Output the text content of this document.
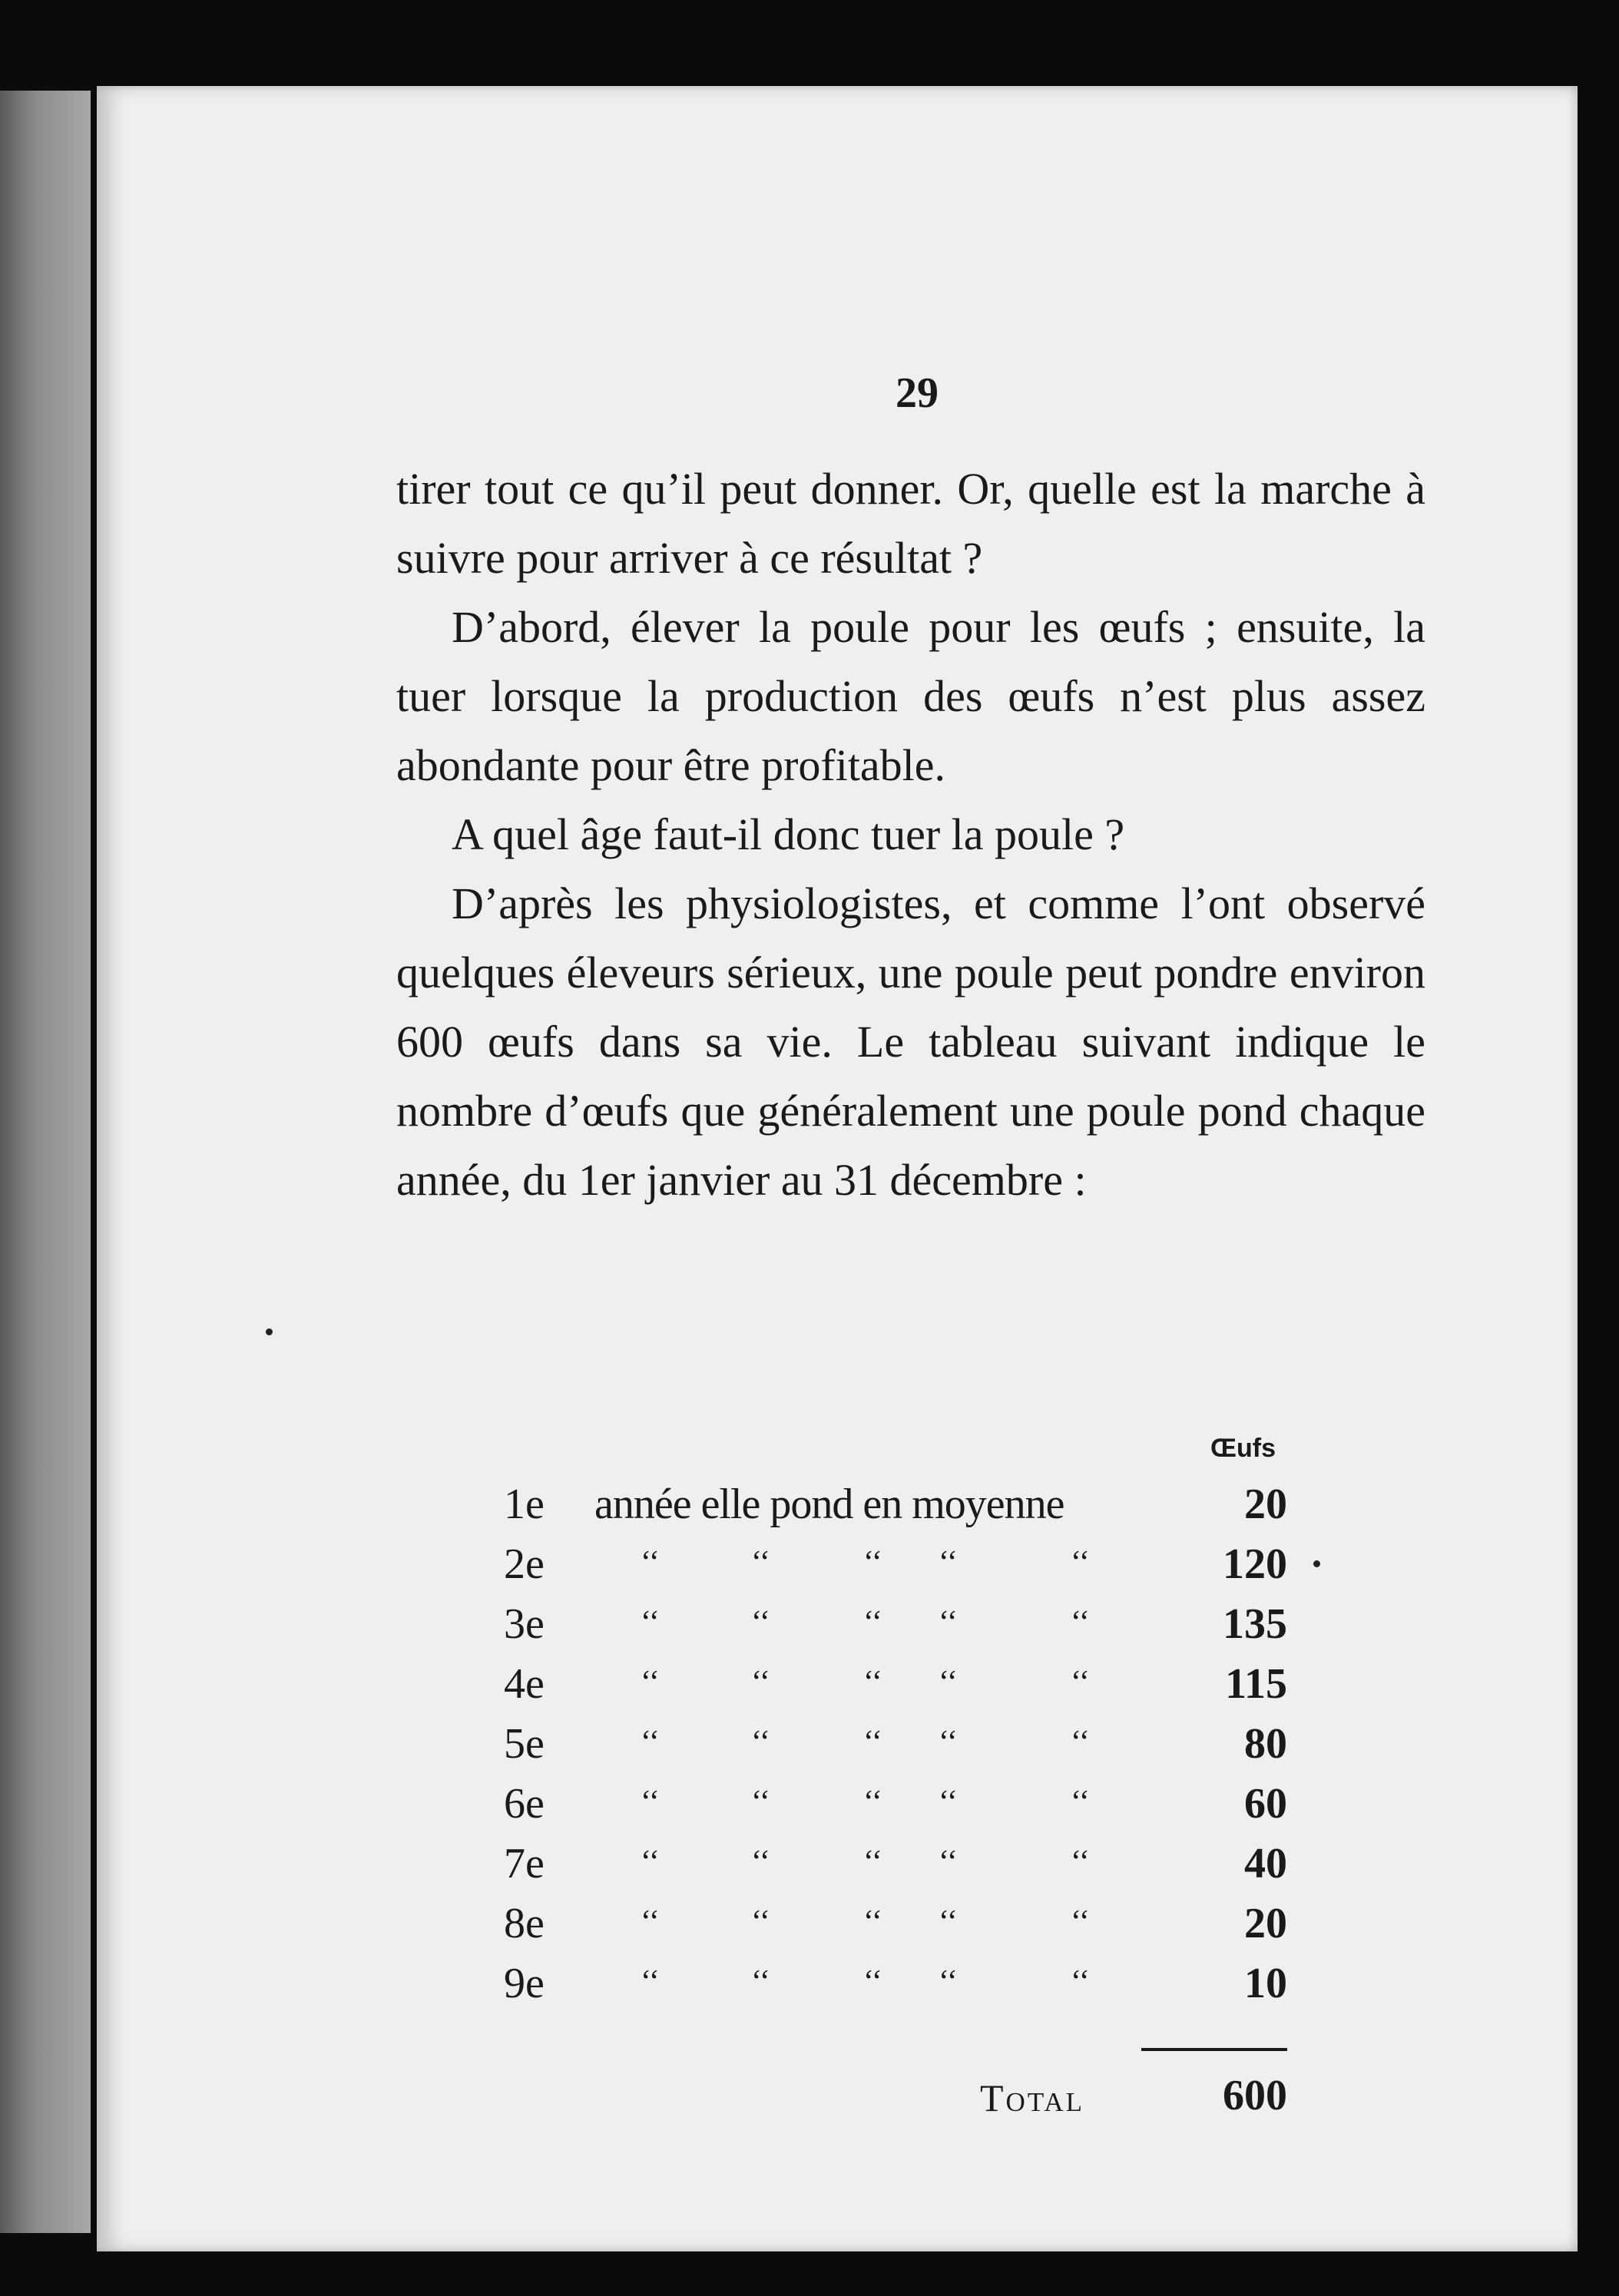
29

tirer tout ce qu’il peut donner. Or, quelle est la marche à suivre pour arriver à ce résultat ?

D’abord, élever la poule pour les œufs ; ensuite, la tuer lorsque la production des œufs n’est plus assez abondante pour être profitable.

A quel âge faut-il donc tuer la poule ?

D’après les physiologistes, et comme l’ont observé quelques éleveurs sérieux, une poule peut pondre environ 600 œufs dans sa vie. Le tableau suivant indique le nombre d’œufs que généralement une poule pond chaque année, du 1er janvier au 31 décembre :

Œufs
1e année elle pond en moyenne	20
2e	‘‘	‘‘	‘‘ ‘‘	‘‘	120
3e	‘‘	‘‘	‘‘ ‘‘	‘‘	135
4e	‘‘	‘‘	‘‘ ‘‘	‘‘	115
5e	‘‘	‘‘	‘‘ ‘‘	‘‘	80
6e	‘‘	‘‘	‘‘ ‘‘	‘‘	60
7e	‘‘	‘‘	‘‘ ‘‘	‘‘	40
8e	‘‘	‘‘	‘‘ ‘‘	‘‘	20
9e	‘‘	‘‘	‘‘ ‘‘	‘‘	10
Total	600
